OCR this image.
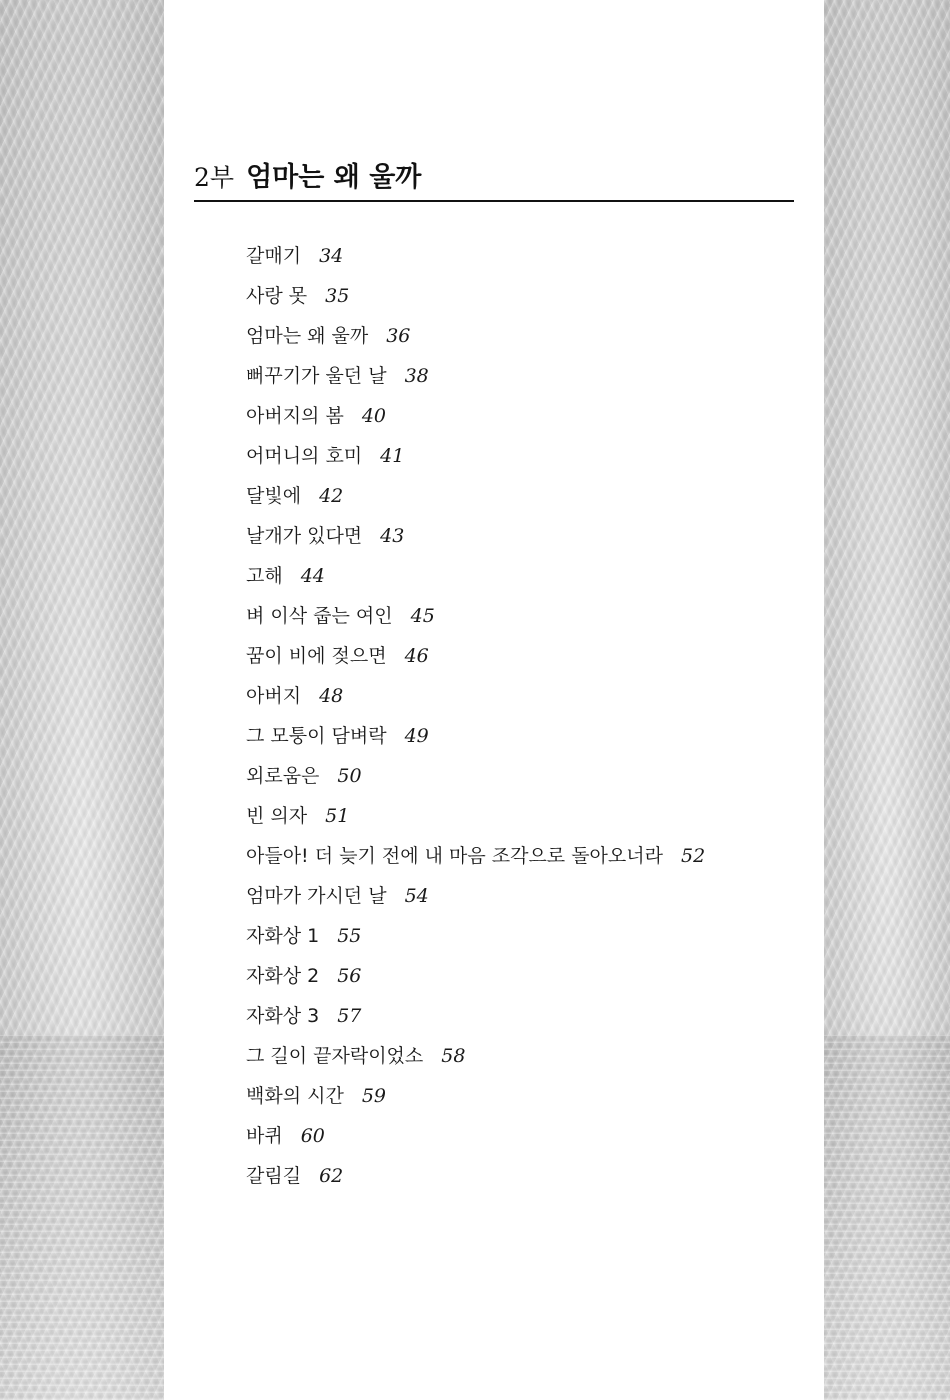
2부 엄마는 왜 울까
갈매기 34
사랑 못 35
엄마는 왜 울까 36
뻐꾸기가 울던 날 38
아버지의 봄 40
어머니의 호미 41
달빛에 42
날개가 있다면 43
고해 44
벼 이삭 줍는 여인 45
꿈이 비에 젖으면 46
아버지 48
그 모퉁이 담벼락 49
외로움은 50
빈 의자 51
아들아! 더 늦기 전에 내 마음 조각으로 돌아오너라 52
엄마가 가시던 날 54
자화상 1 55
자화상 2 56
자화상 3 57
그 길이 끝자락이었소 58
백화의 시간 59
바퀴 60
갈림길 62
